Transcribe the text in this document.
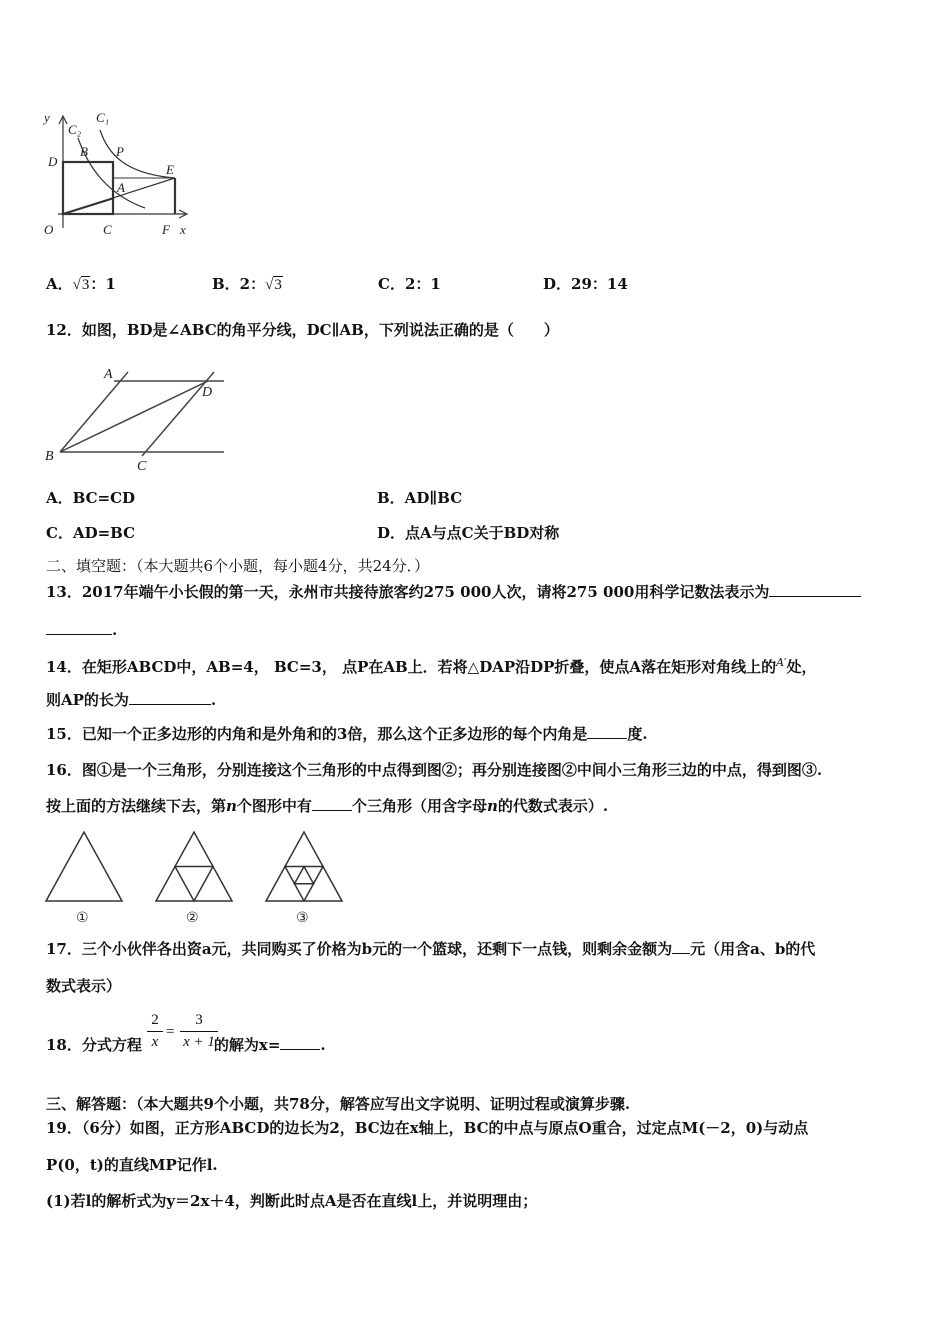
y
C₂
C₁
D
B P
E
A
O	C	F x
A．√3：1	B．2：√3	C．2：1	D．29：14
12．如图，BD是∠ABC的角平分线，DC∥AB，下列说法正确的是（　　）
A
D
B
C
A．BC=CD	B．AD∥BC
C．AD=BC	D．点A与点C关于BD对称
二、填空题：（本大题共6个小题，每小题4分，共24分．）
13．2017年端午小长假的第一天，永州市共接待旅客约275 000人次，请将275 000用科学记数法表示为
.
14．在矩形ABCD中，AB=4， BC=3， 点P在AB上．若将△DAP沿DP折叠，使点A落在矩形对角线上的$^{A'}$处，
则AP的长为	.
15．已知一个正多边形的内角和是外角和的3倍，那么这个正多边形的每个内角是	度.
16．图①是一个三角形，分别连接这个三角形的中点得到图②；再分别连接图②中间小三角形三边的中点，得到图③.
按上面的方法继续下去，第n个图形中有	个三角形（用含字母n的代数式表示）.
①	②	③
17．三个小伙伴各出资a元，共同购买了价格为b元的一个篮球，还剩下一点钱，则剩余金额为 元（用含a、b的代
数式表示）
18．分式方程	的解为x=	.
2
x
=
3
x + 1
三、解答题：（本大题共9个小题，共78分，解答应写出文字说明、证明过程或演算步骤.
19．（6分）如图，正方形ABCD的边长为2，BC边在x轴上，BC的中点与原点O重合，过定点M(－2，0)与动点
P(0，t)的直线MP记作l.
(1)若l的解析式为y＝2x＋4，判断此时点A是否在直线l上，并说明理由；
